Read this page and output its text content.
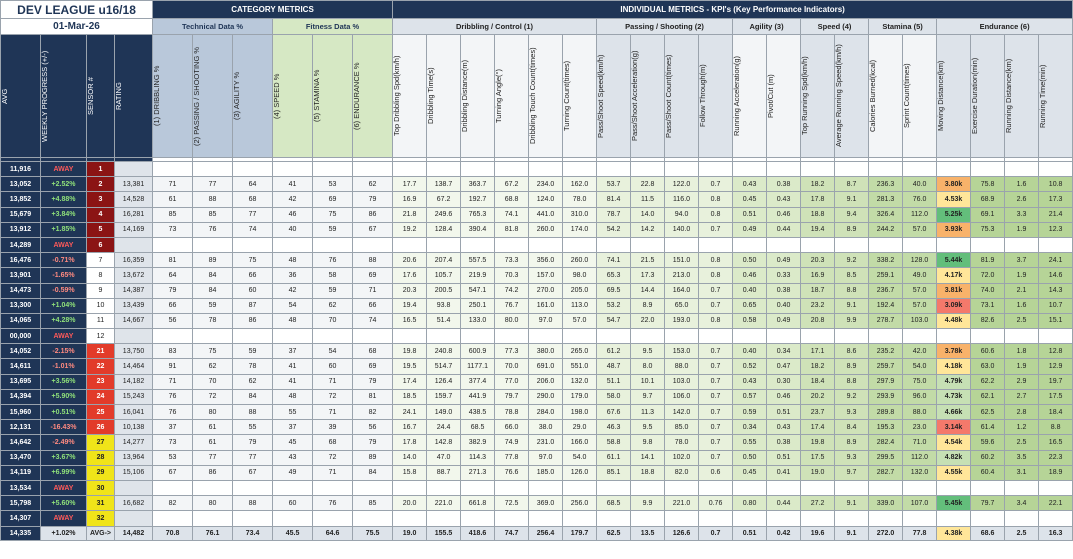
DEV LEAGUE u16/18				CATEGORY METRICS						INDIVIDUAL METRICS - KPI's (Key Performance Indicators)																			
01-Mar-26				Technical Data %			Fitness Data %			Dribbling / Control (1)						Passing / Shooting (2)				Agility (3)		Speed (4)		Stamina (5)		Endurance (6)			

AVG	WEEKLY PROGRESS (+/-)	SENSOR #	RATING	(1) DRIBBLING %	(2) PASSING / SHOOTING %	(3) AGILITY %	(4) SPEED %	(5) STAMINA %	(6) ENDURANCE %	Top Dribbling Spd(km/h)	Dribbling Time(s)	Dribbling Distance(m)	Turning Angle(°)	Dribbling Touch Count(times)	Turning Count(times)	Pass/Shoot Speed(km/h)	Pass/Shoot Acceleration(g)	Pass/Shoot Count(times)	Follow Through(m)	Running Acceleration(g)	Pivot/Cut (m)	Top Running Spd(km/h)	Average Running Speed(km/h)	Calories Burned(kcal)	Sprint Count(times)	Moving Distance(km)	Exercise Duration(min)	Running Distance(km)	Running Time(min)

11,916	AWAY	1																											
13,052	+2.52%	2	13,381	71	77	64	41	53	62	17.7	138.7	363.7	67.2	234.0	162.0	53.7	22.8	122.0	0.7	0.43	0.38	18.2	8.7	236.3	40.0	3.80k	75.8	1.6	10.8
13,852	+4.88%	3	14,528	61	88	68	42	69	79	16.9	67.2	192.7	68.8	124.0	78.0	81.4	11.5	116.0	0.8	0.45	0.43	17.8	9.1	281.3	76.0	4.53k	68.9	2.6	17.3
15,679	+3.84%	4	16,281	85	85	77	46	75	86	21.8	249.6	765.3	74.1	441.0	310.0	78.7	14.0	94.0	0.8	0.51	0.46	18.8	9.4	326.4	112.0	5.25k	69.1	3.3	21.4
13,912	+1.85%	5	14,169	73	76	74	40	59	67	19.2	128.4	390.4	81.8	260.0	174.0	54.2	14.2	140.0	0.7	0.49	0.44	19.4	8.9	244.2	57.0	3.93k	75.3	1.9	12.3
14,289	AWAY	6																											
16,476	-0.71%	7	16,359	81	89	75	48	76	88	20.6	207.4	557.5	73.3	356.0	260.0	74.1	21.5	151.0	0.8	0.50	0.49	20.3	9.2	338.2	128.0	5.44k	81.9	3.7	24.1
13,901	-1.65%	8	13,672	64	84	66	36	58	69	17.6	105.7	219.9	70.3	157.0	98.0	65.3	17.3	213.0	0.8	0.46	0.33	16.9	8.5	259.1	49.0	4.17k	72.0	1.9	14.6
14,473	-0.59%	9	14,387	79	84	60	42	59	71	20.3	200.5	547.1	74.2	270.0	205.0	69.5	14.4	164.0	0.7	0.40	0.38	18.7	8.8	236.7	57.0	3.81k	74.0	2.1	14.3
13,300	+1.04%	10	13,439	66	59	87	54	62	66	19.4	93.8	250.1	76.7	161.0	113.0	53.2	8.9	65.0	0.7	0.65	0.40	23.2	9.1	192.4	57.0	3.09k	73.1	1.6	10.7
14,065	+4.28%	11	14,667	56	78	86	48	70	74	16.5	51.4	133.0	80.0	97.0	57.0	54.7	22.0	193.0	0.8	0.58	0.49	20.8	9.9	278.7	103.0	4.48k	82.6	2.5	15.1
00,000	AWAY	12																											
14,052	-2.15%	21	13,750	83	75	59	37	54	68	19.8	240.8	600.9	77.3	380.0	265.0	61.2	9.5	153.0	0.7	0.40	0.34	17.1	8.6	235.2	42.0	3.78k	60.6	1.8	12.8
14,611	-1.01%	22	14,464	91	62	78	41	60	69	19.5	514.7	1177.1	70.0	691.0	551.0	48.7	8.0	88.0	0.7	0.52	0.47	18.2	8.9	259.7	54.0	4.18k	63.0	1.9	12.9
13,695	+3.56%	23	14,182	71	70	62	41	71	79	17.4	126.4	377.4	77.0	206.0	132.0	51.1	10.1	103.0	0.7	0.43	0.30	18.4	8.8	297.9	75.0	4.79k	62.2	2.9	19.7
14,394	+5.90%	24	15,243	76	72	84	48	72	81	18.5	159.7	441.9	79.7	290.0	179.0	58.0	9.7	106.0	0.7	0.57	0.46	20.2	9.2	293.9	96.0	4.73k	62.1	2.7	17.5
15,960	+0.51%	25	16,041	76	80	88	55	71	82	24.1	149.0	438.5	78.8	284.0	198.0	67.6	11.3	142.0	0.7	0.59	0.51	23.7	9.3	289.8	88.0	4.66k	62.5	2.8	18.4
12,131	-16.43%	26	10,138	37	61	55	37	39	56	16.7	24.4	68.5	66.0	38.0	29.0	46.3	9.5	85.0	0.7	0.34	0.43	17.4	8.4	195.3	23.0	3.14k	61.4	1.2	8.8
14,642	-2.49%	27	14,277	73	61	79	45	68	79	17.8	142.8	382.9	74.9	231.0	166.0	58.8	9.8	78.0	0.7	0.55	0.38	19.8	8.9	282.4	71.0	4.54k	59.6	2.5	16.5
13,470	+3.67%	28	13,964	53	77	77	43	72	89	14.0	47.0	114.3	77.8	97.0	54.0	61.1	14.1	102.0	0.7	0.50	0.51	17.5	9.3	299.5	112.0	4.82k	60.2	3.5	22.3
14,119	+6.99%	29	15,106	67	86	67	49	71	84	15.8	88.7	271.3	76.6	185.0	126.0	85.1	18.8	82.0	0.6	0.45	0.41	19.0	9.7	282.7	132.0	4.55k	60.4	3.1	18.9
13,534	AWAY	30																											
15,798	+5.60%	31	16,682	82	80	88	60	76	85	20.0	221.0	661.8	72.5	369.0	256.0	68.5	9.9	221.0	0.76	0.80	0.44	27.2	9.1	339.0	107.0	5.45k	79.7	3.4	22.1
14,307	AWAY	32																											
14,335	+1.02%	AVG->	14,482	70.8	76.1	73.4	45.5	64.6	75.5	19.0	155.5	418.6	74.7	256.4	179.7	62.5	13.5	126.6	0.7	0.51	0.42	19.6	9.1	272.0	77.8	4.38k	68.6	2.5	16.3
